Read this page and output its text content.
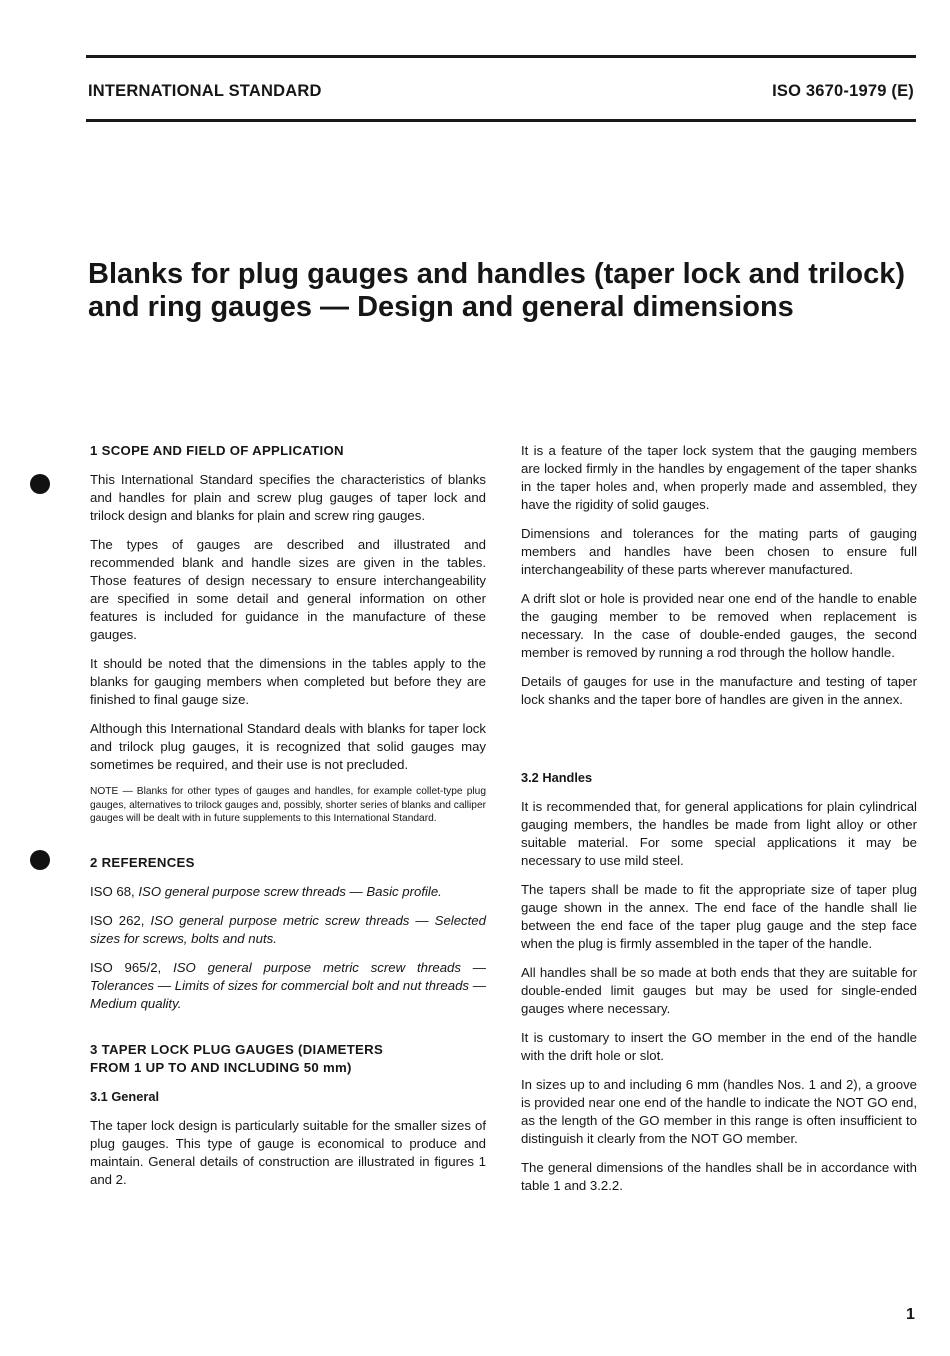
INTERNATIONAL STANDARD	ISO 3670-1979 (E)
Blanks for plug gauges and handles (taper lock and trilock) and ring gauges — Design and general dimensions
1 SCOPE AND FIELD OF APPLICATION

This International Standard specifies the characteristics of blanks and handles for plain and screw plug gauges of taper lock and trilock design and blanks for plain and screw ring gauges.

The types of gauges are described and illustrated and recommended blank and handle sizes are given in the tables. Those features of design necessary to ensure interchangeability are specified in some detail and general information on other features is included for guidance in the manufacture of these gauges.

It should be noted that the dimensions in the tables apply to the blanks for gauging members when completed but before they are finished to final gauge size.

Although this International Standard deals with blanks for taper lock and trilock plug gauges, it is recognized that solid gauges may sometimes be required, and their use is not precluded.

NOTE — Blanks for other types of gauges and handles, for example collet-type plug gauges, alternatives to trilock gauges and, possibly, shorter series of blanks and calliper gauges will be dealt with in future supplements to this International Standard.

2 REFERENCES

ISO 68, ISO general purpose screw threads — Basic profile.

ISO 262, ISO general purpose metric screw threads — Selected sizes for screws, bolts and nuts.

ISO 965/2, ISO general purpose metric screw threads — Tolerances — Limits of sizes for commercial bolt and nut threads — Medium quality.

3 TAPER LOCK PLUG GAUGES (DIAMETERS
FROM 1 UP TO AND INCLUDING 50 mm)
3.1 General

The taper lock design is particularly suitable for the smaller sizes of plug gauges. This type of gauge is economical to produce and maintain. General details of construction are illustrated in figures 1 and 2.

It is a feature of the taper lock system that the gauging members are locked firmly in the handles by engagement of the taper shanks in the taper holes and, when properly made and assembled, they have the rigidity of solid gauges.

Dimensions and tolerances for the mating parts of gauging members and handles have been chosen to ensure full interchangeability of these parts wherever manufactured.

A drift slot or hole is provided near one end of the handle to enable the gauging member to be removed when replacement is necessary. In the case of double-ended gauges, the second member is removed by running a rod through the hollow handle.

Details of gauges for use in the manufacture and testing of taper lock shanks and the taper bore of handles are given in the annex.

3.2 Handles

It is recommended that, for general applications for plain cylindrical gauging members, the handles be made from light alloy or other suitable material. For some special applications it may be necessary to use mild steel.

The tapers shall be made to fit the appropriate size of taper plug gauge shown in the annex. The end face of the handle shall lie between the end face of the taper plug gauge and the step face when the plug is firmly assembled in the taper of the handle.

All handles shall be so made at both ends that they are suitable for double-ended limit gauges but may be used for single-ended gauges where necessary.

It is customary to insert the GO member in the end of the handle with the drift hole or slot.

In sizes up to and including 6 mm (handles Nos. 1 and 2), a groove is provided near one end of the handle to indicate the NOT GO end, as the length of the GO member in this range is often insufficient to distinguish it clearly from the NOT GO member.

The general dimensions of the handles shall be in accordance with table 1 and 3.2.2.

1
